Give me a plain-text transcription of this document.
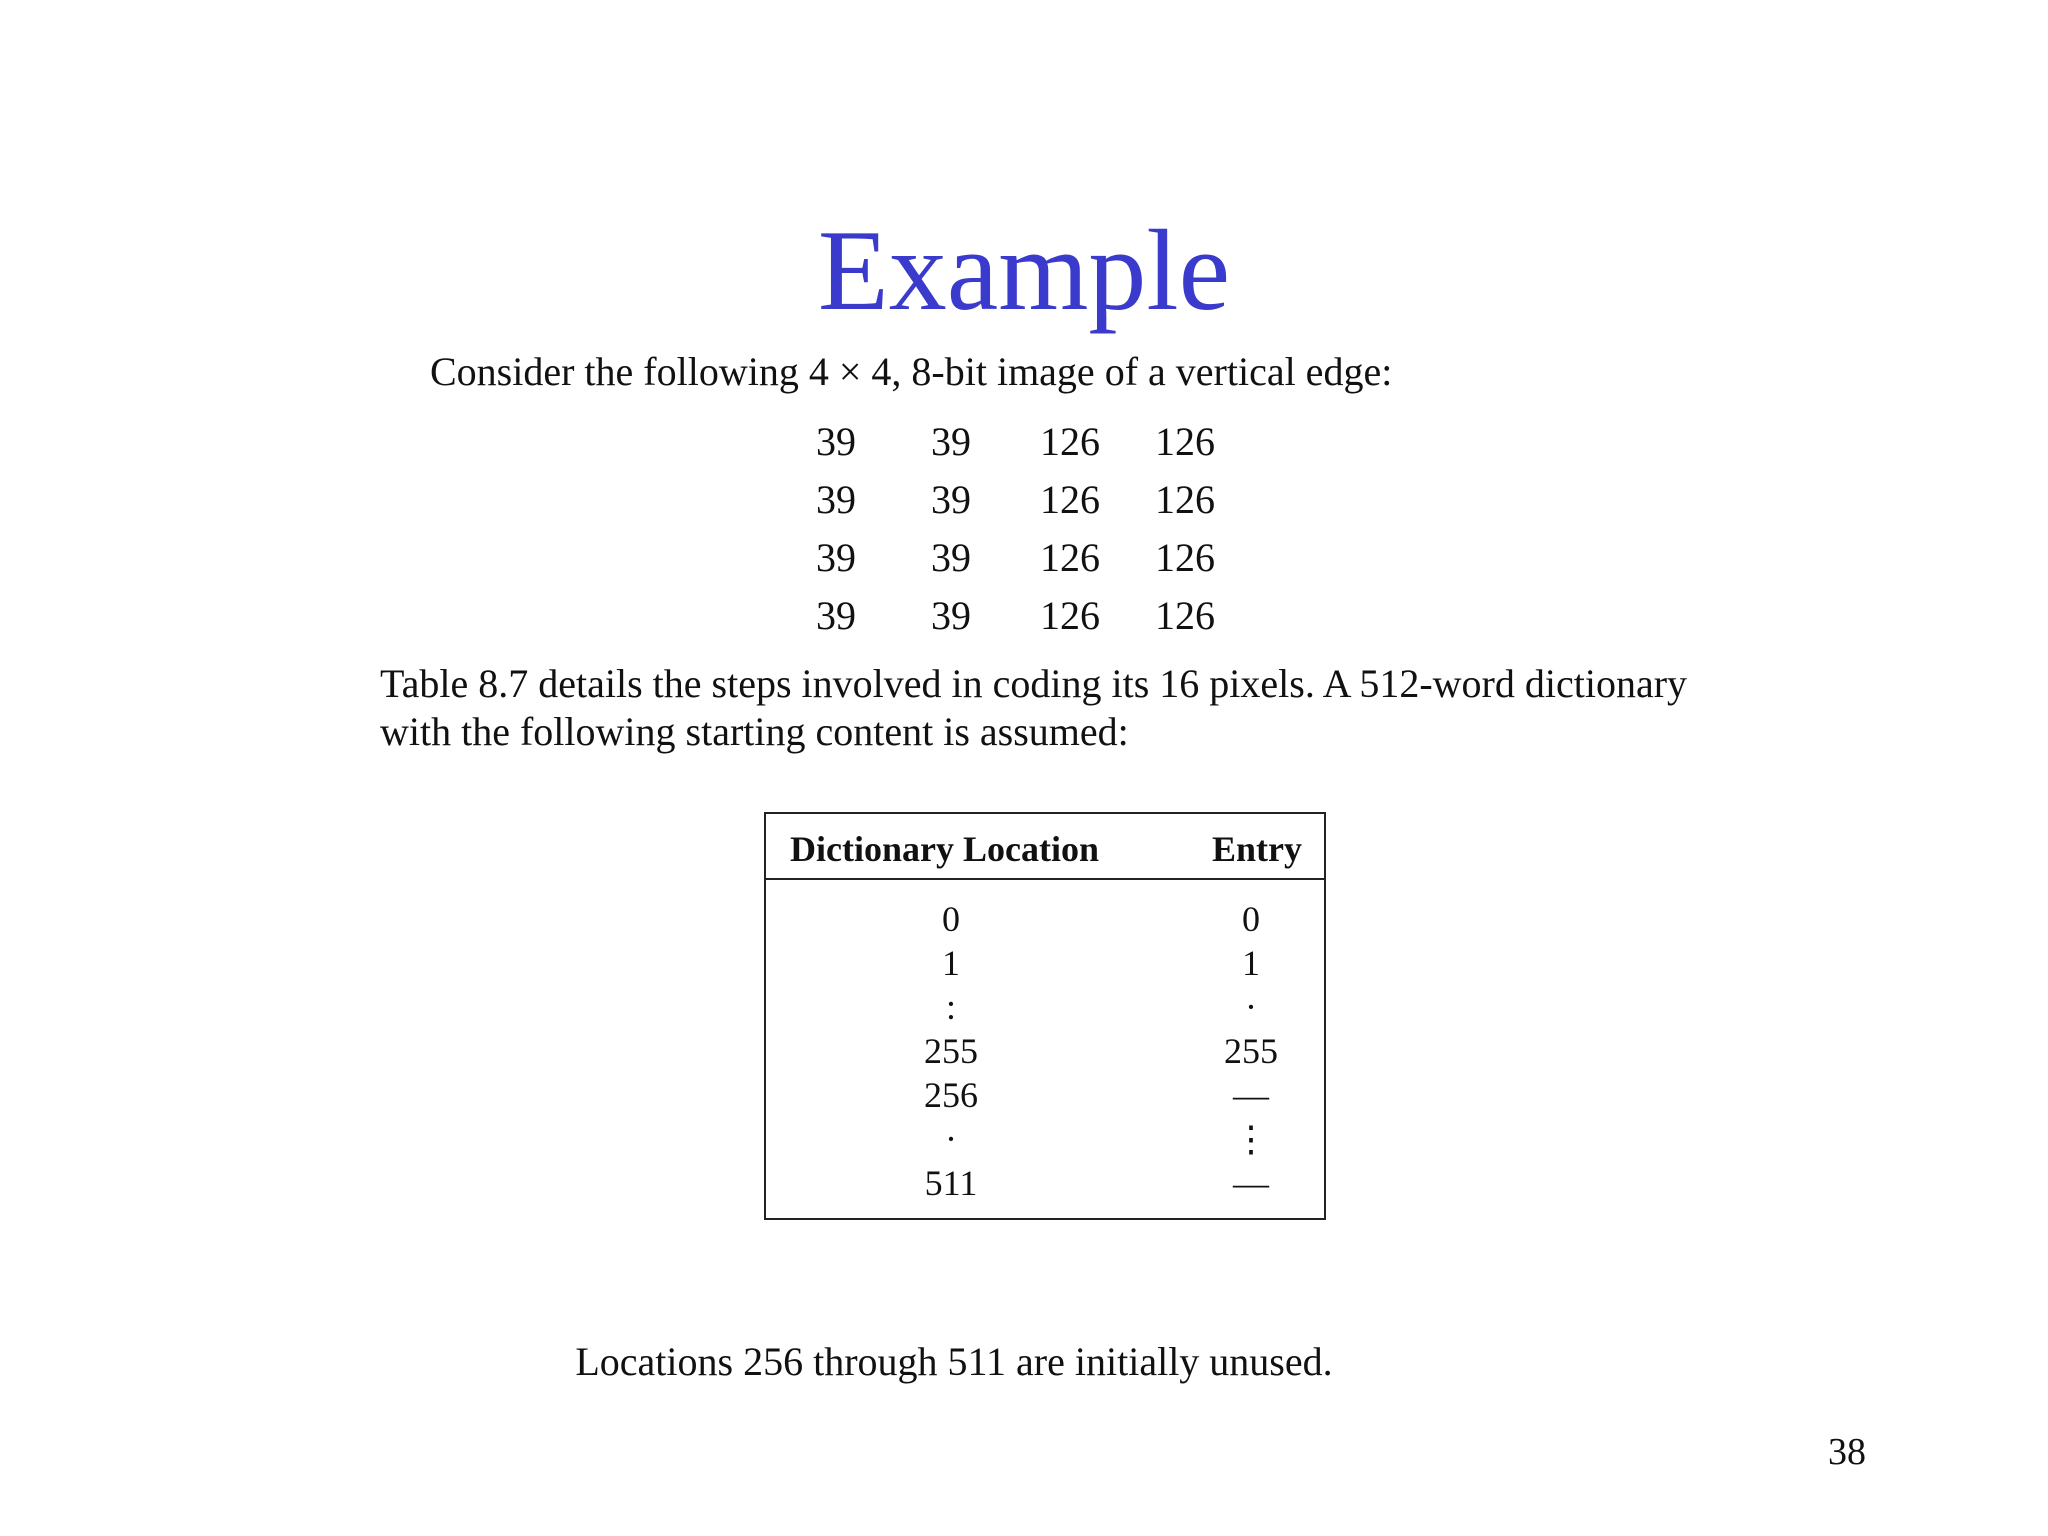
Example
Consider the following 4 × 4, 8-bit image of a vertical edge:
39	39	126	126
39	39	126	126
39	39	126	126
39	39	126	126

Table 8.7 details the steps involved in coding its 16 pixels. A 512-word dictionary
with the following starting content is assumed:

Dictionary Location	Entry
0	0
1	1
:	·
255	255
256	—
·	⋮
511	—
Locations 256 through 511 are initially unused.
38
